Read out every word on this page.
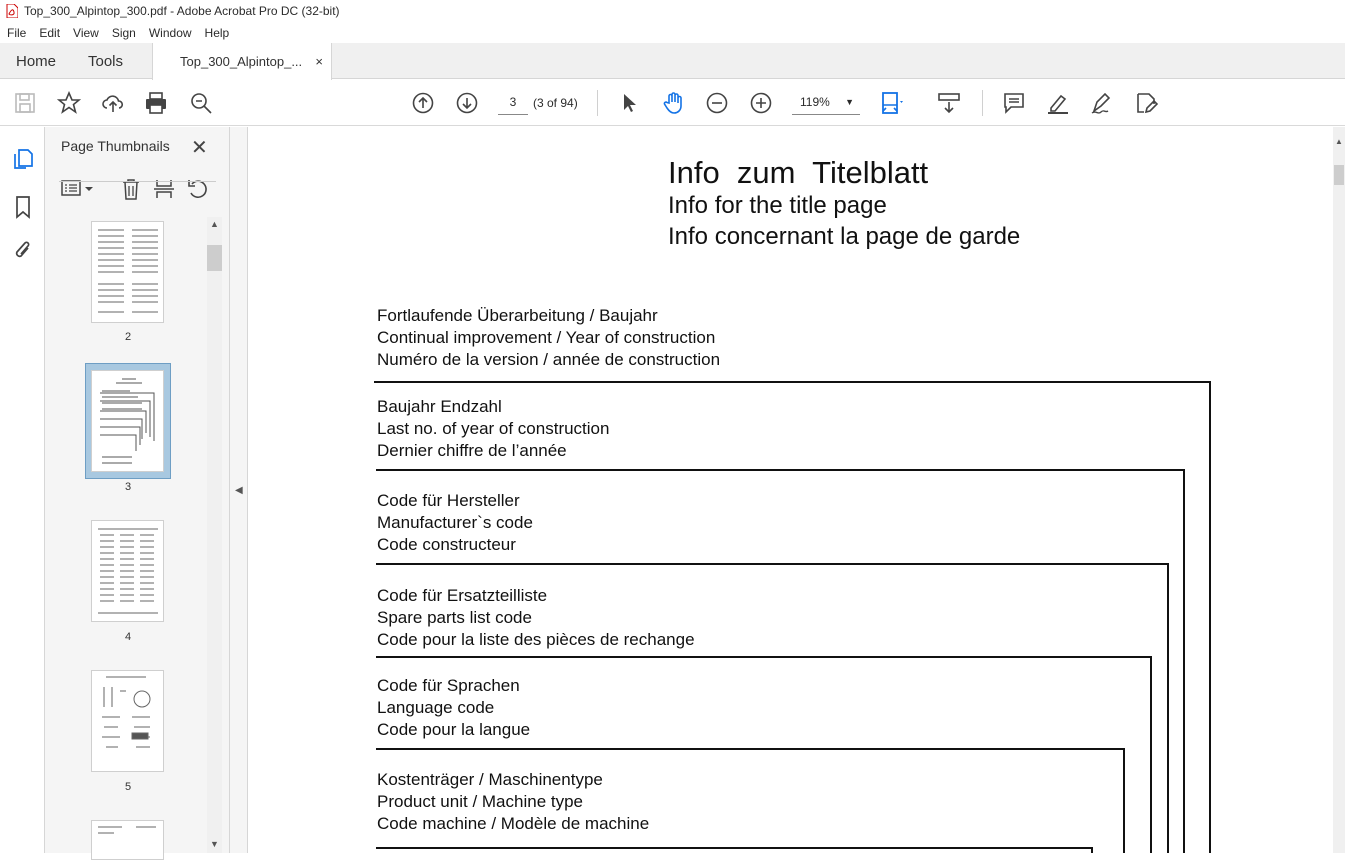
Top_300_Alpintop_300.pdf - Adobe Acrobat Pro DC (32-bit)
File	Edit	View	Sign	Window	Help
Home Tools	Top_300_Alpintop_... ×
3	(3 of 94)	119% ▼
Page Thumbnails ✕
2
3
4
5
▲
▼
◀
Info  zum  Titelblatt
Info for the title page
Info concernant la page de garde
Fortlaufende Überarbeitung / Baujahr
Continual improvement / Year of construction
Numéro de la version / année de construction
Baujahr Endzahl
Last no. of year of construction
Dernier chiffre de l’année
Code für Hersteller
Manufacturer`s code
Code constructeur
Code für Ersatzteilliste
Spare parts list code
Code pour la liste des pièces de rechange
Code für Sprachen
Language code
Code pour la langue
Kostenträger / Maschinentype
Product unit / Machine type
Code machine / Modèle de machine
▲
